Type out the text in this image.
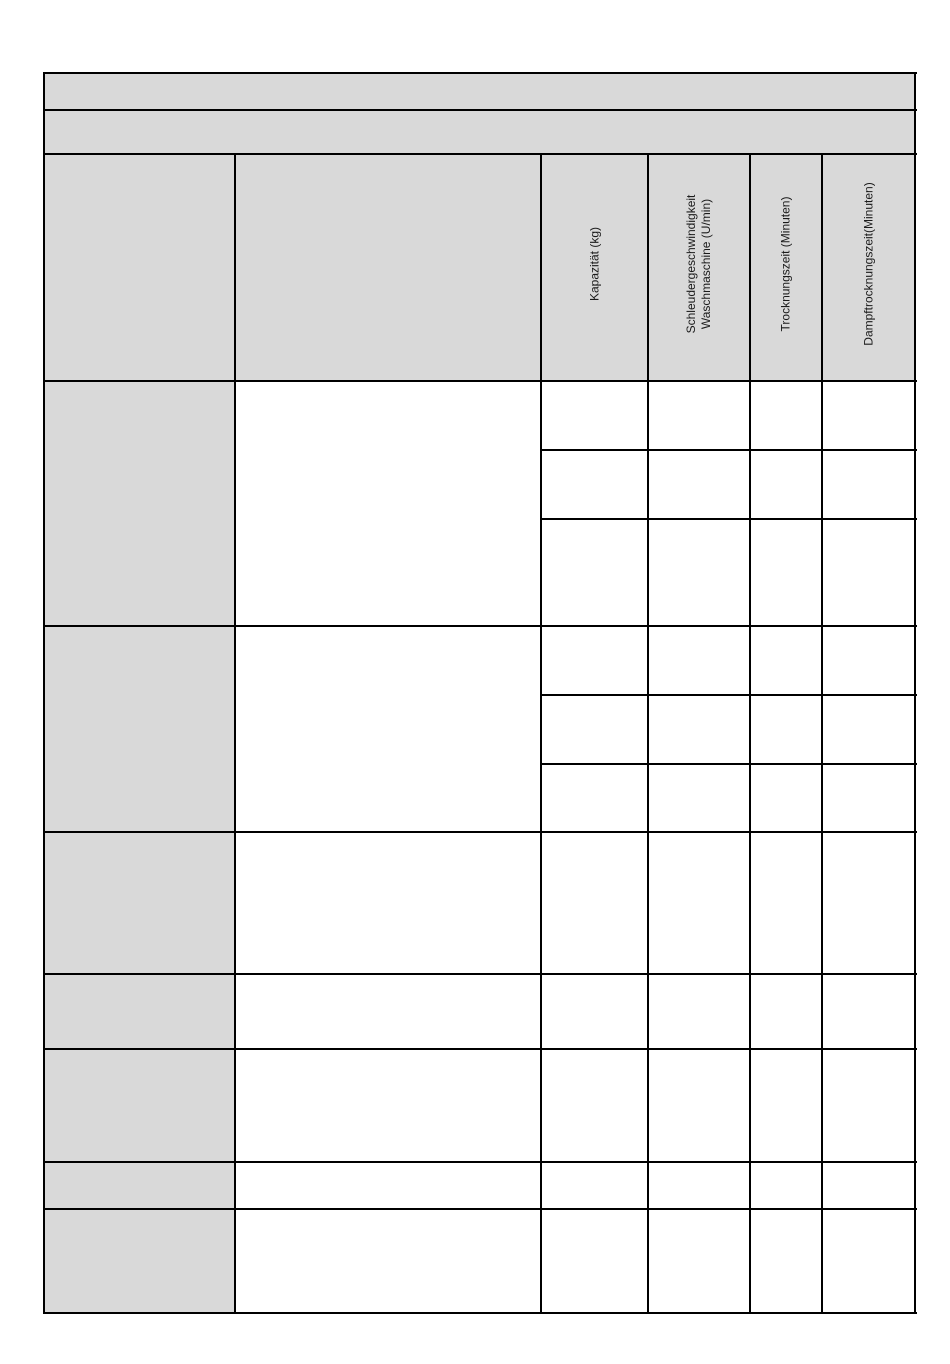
Kapazität (kg)	Schleudergeschwindigkeit Waschmaschine (U/min)	Trocknungszeit (Minuten)	Dampftrocknungszeit(Minuten)
